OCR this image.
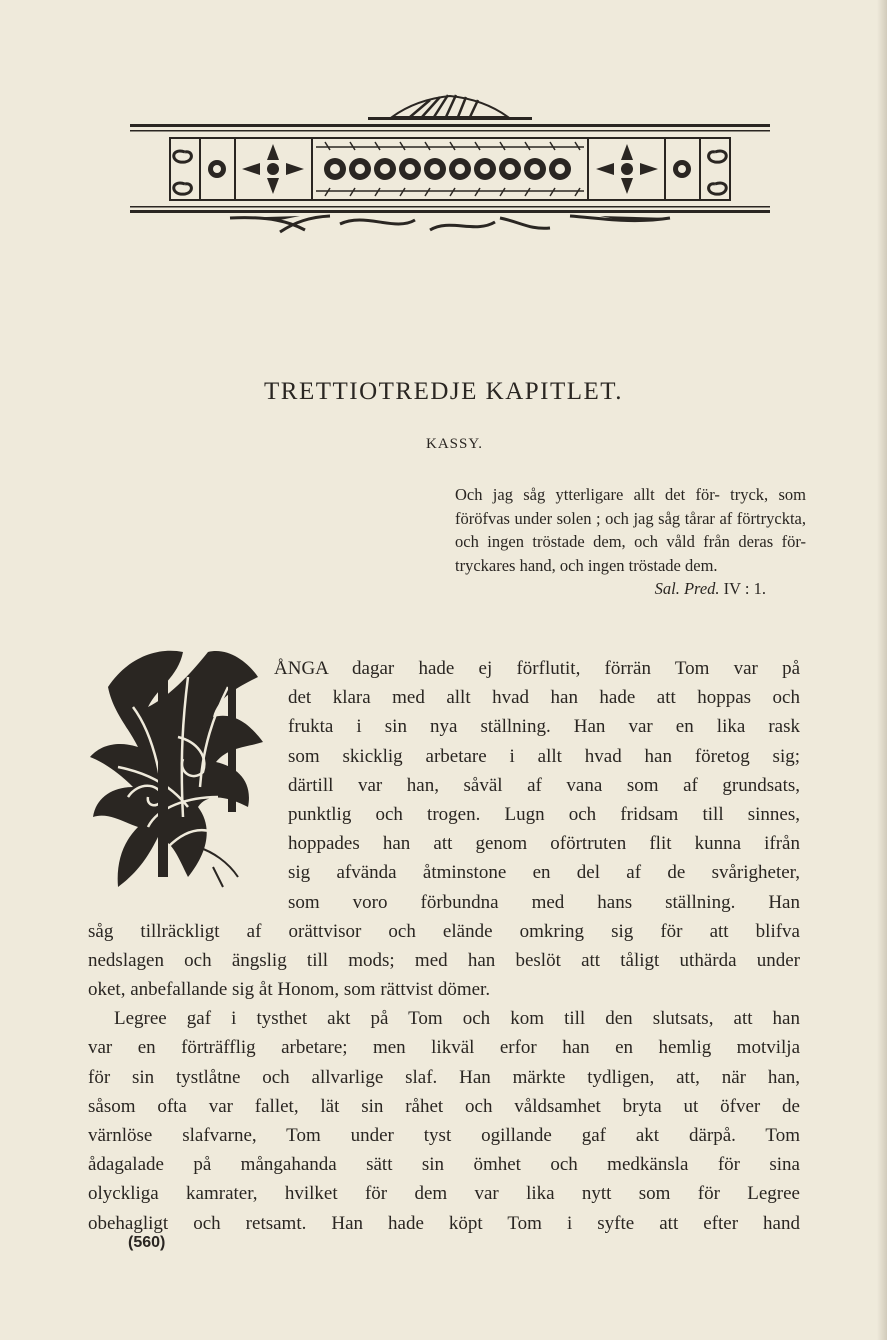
TRETTIOTREDJE KAPITLET.
KASSY.
Och jag såg ytterligare allt det för- tryck, som föröfvas under solen ; och jag såg tårar af förtryckta, och ingen tröstade dem, och våld från deras för- tryckares hand, och ingen tröstade dem.
Sal. Pred. IV : 1.
ÅNGA dagar hade ej förflutit, förrän Tom var på
det klara med allt hvad han hade att hoppas och
frukta i sin nya ställning. Han var en lika rask
som skicklig arbetare i allt hvad han företog sig;
därtill var han, såväl af vana som af grundsats,
punktlig och trogen. Lugn och fridsam till sinnes,
hoppades han att genom oförtruten flit kunna ifrån
sig afvända åtminstone en del af de svårigheter,
som voro förbundna med hans ställning. Han
såg tillräckligt af orättvisor och elände omkring sig för att blifva
nedslagen och ängslig till mods; med han beslöt att tåligt uthärda under
oket, anbefallande sig åt Honom, som rättvist dömer.
Legree gaf i tysthet akt på Tom och kom till den slutsats, att han
var en förträfflig arbetare; men likväl erfor han en hemlig motvilja
för sin tystlåtne och allvarlige slaf. Han märkte tydligen, att, när han,
såsom ofta var fallet, lät sin råhet och våldsamhet bryta ut öfver de
värnlöse slafvarne, Tom under tyst ogillande gaf akt därpå. Tom
ådagalade på mångahanda sätt sin ömhet och medkänsla för sina
olyckliga kamrater, hvilket för dem var lika nytt som för Legree
obehagligt och retsamt. Han hade köpt Tom i syfte att efter hand
(560)
